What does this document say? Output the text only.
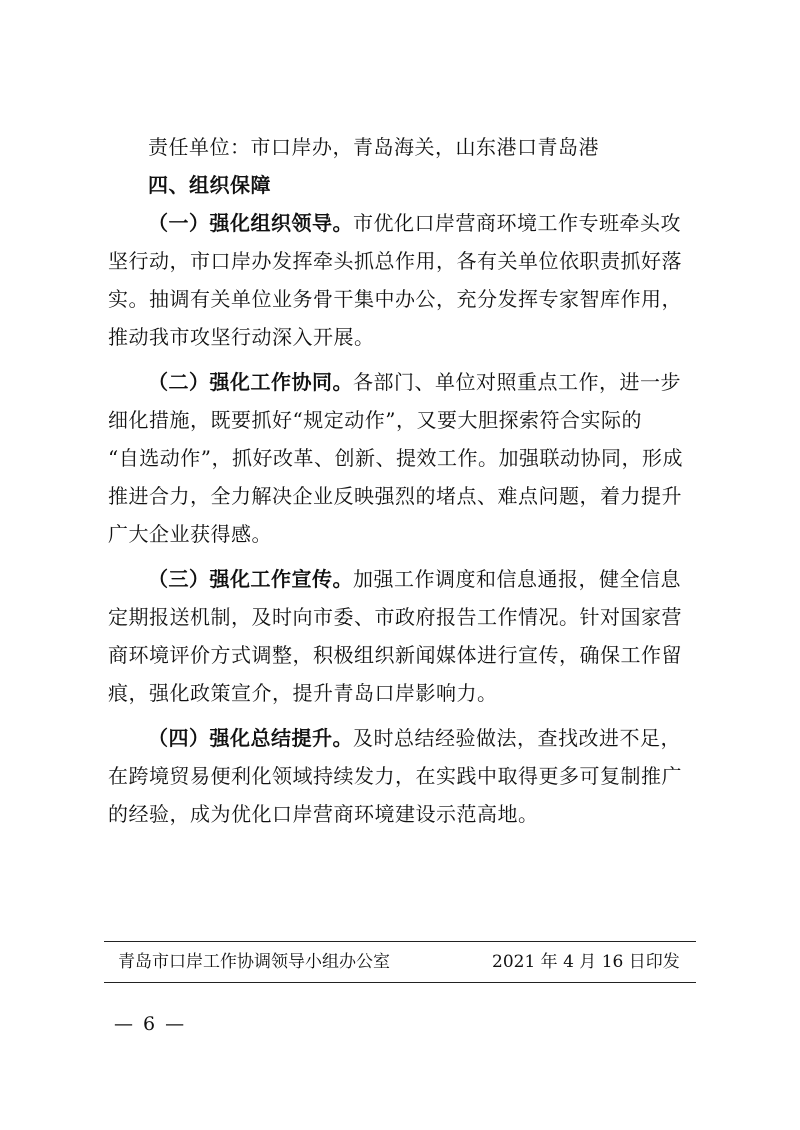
责任单位：市口岸办，青岛海关，山东港口青岛港
四、组织保障
（一）强化组织领导。市优化口岸营商环境工作专班牵头攻
坚行动，市口岸办发挥牵头抓总作用，各有关单位依职责抓好落
实。抽调有关单位业务骨干集中办公，充分发挥专家智库作用，
推动我市攻坚行动深入开展。
（二）强化工作协同。各部门、单位对照重点工作，进一步
细化措施，既要抓好“规定动作”，又要大胆探索符合实际的
“自选动作”，抓好改革、创新、提效工作。加强联动协同，形成
推进合力，全力解决企业反映强烈的堵点、难点问题，着力提升
广大企业获得感。
（三）强化工作宣传。加强工作调度和信息通报，健全信息
定期报送机制，及时向市委、市政府报告工作情况。针对国家营
商环境评价方式调整，积极组织新闻媒体进行宣传，确保工作留
痕，强化政策宣介，提升青岛口岸影响力。
（四）强化总结提升。及时总结经验做法，查找改进不足，
在跨境贸易便利化领域持续发力，在实践中取得更多可复制推广
的经验，成为优化口岸营商环境建设示范高地。
青岛市口岸工作协调领导小组办公室	2021 年 4 月 16 日印发
— 6 —
